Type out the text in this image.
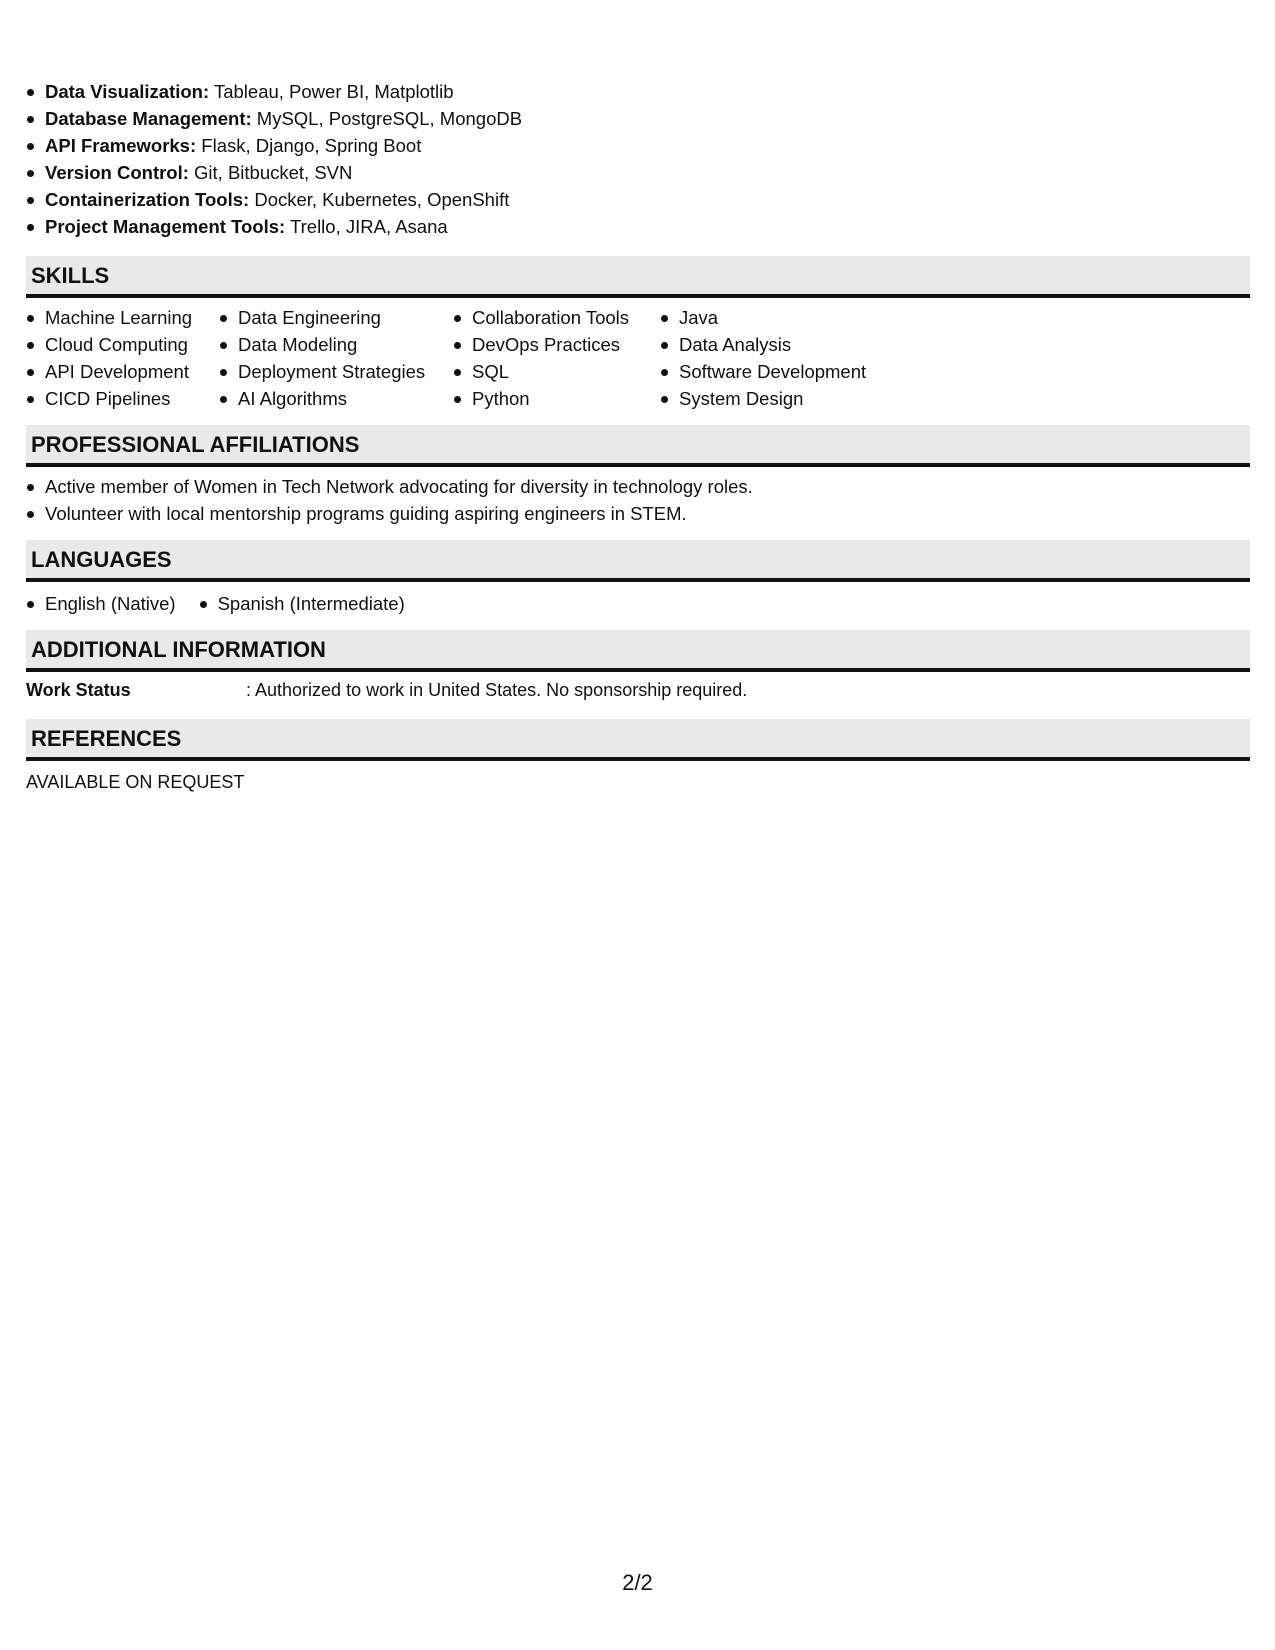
Data Visualization: Tableau, Power BI, Matplotlib
Database Management: MySQL, PostgreSQL, MongoDB
API Frameworks: Flask, Django, Spring Boot
Version Control: Git, Bitbucket, SVN
Containerization Tools: Docker, Kubernetes, OpenShift
Project Management Tools: Trello, JIRA, Asana
SKILLS
Machine Learning
Cloud Computing
API Development
CICD Pipelines
Data Engineering
Data Modeling
Deployment Strategies
AI Algorithms
Collaboration Tools
DevOps Practices
SQL
Python
Java
Data Analysis
Software Development
System Design
PROFESSIONAL AFFILIATIONS
Active member of Women in Tech Network advocating for diversity in technology roles.
Volunteer with local mentorship programs guiding aspiring engineers in STEM.
LANGUAGES
English (Native)	Spanish (Intermediate)
ADDITIONAL INFORMATION
Work Status	: Authorized to work in United States. No sponsorship required.
REFERENCES
AVAILABLE ON REQUEST
2/2
